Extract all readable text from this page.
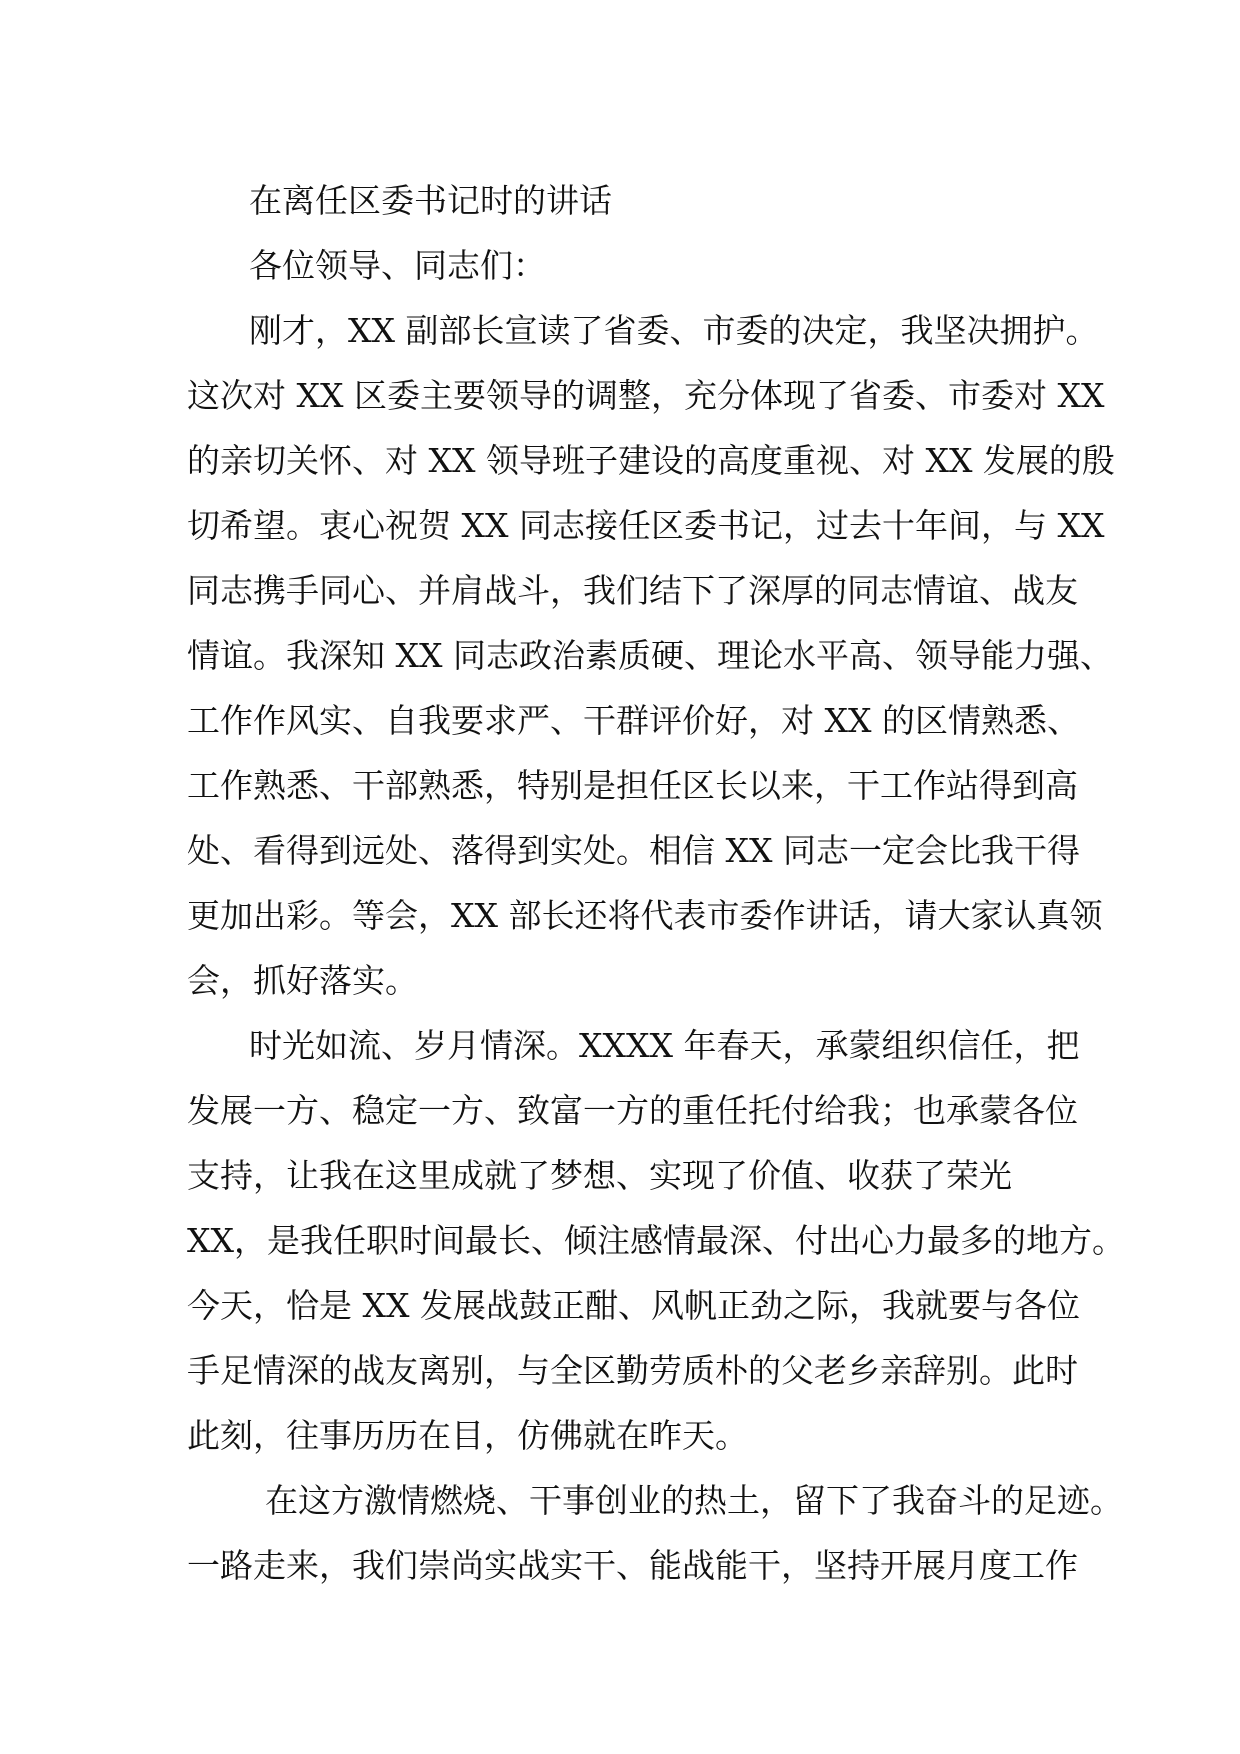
在离任区委书记时的讲话
各位领导、同志们：
刚才，XX 副部长宣读了省委、市委的决定，我坚决拥护。
这次对 XX 区委主要领导的调整，充分体现了省委、市委对 XX
的亲切关怀、对 XX 领导班子建设的高度重视、对 XX 发展的殷
切希望。衷心祝贺 XX 同志接任区委书记，过去十年间，与 XX
同志携手同心、并肩战斗，我们结下了深厚的同志情谊、战友
情谊。我深知 XX 同志政治素质硬、理论水平高、领导能力强、
工作作风实、自我要求严、干群评价好，对 XX 的区情熟悉、
工作熟悉、干部熟悉，特别是担任区长以来，干工作站得到高
处、看得到远处、落得到实处。相信 XX 同志一定会比我干得
更加出彩。等会，XX 部长还将代表市委作讲话，请大家认真领
会，抓好落实。
时光如流、岁月情深。XXXX 年春天，承蒙组织信任，把
发展一方、稳定一方、致富一方的重任托付给我；也承蒙各位
支持，让我在这里成就了梦想、实现了价值、收获了荣光
XX，是我任职时间最长、倾注感情最深、付出心力最多的地方。
今天，恰是 XX 发展战鼓正酣、风帆正劲之际，我就要与各位
手足情深的战友离别，与全区勤劳质朴的父老乡亲辞别。此时
此刻，往事历历在目，仿佛就在昨天。
在这方激情燃烧、干事创业的热土，留下了我奋斗的足迹。
一路走来，我们崇尚实战实干、能战能干，坚持开展月度工作
